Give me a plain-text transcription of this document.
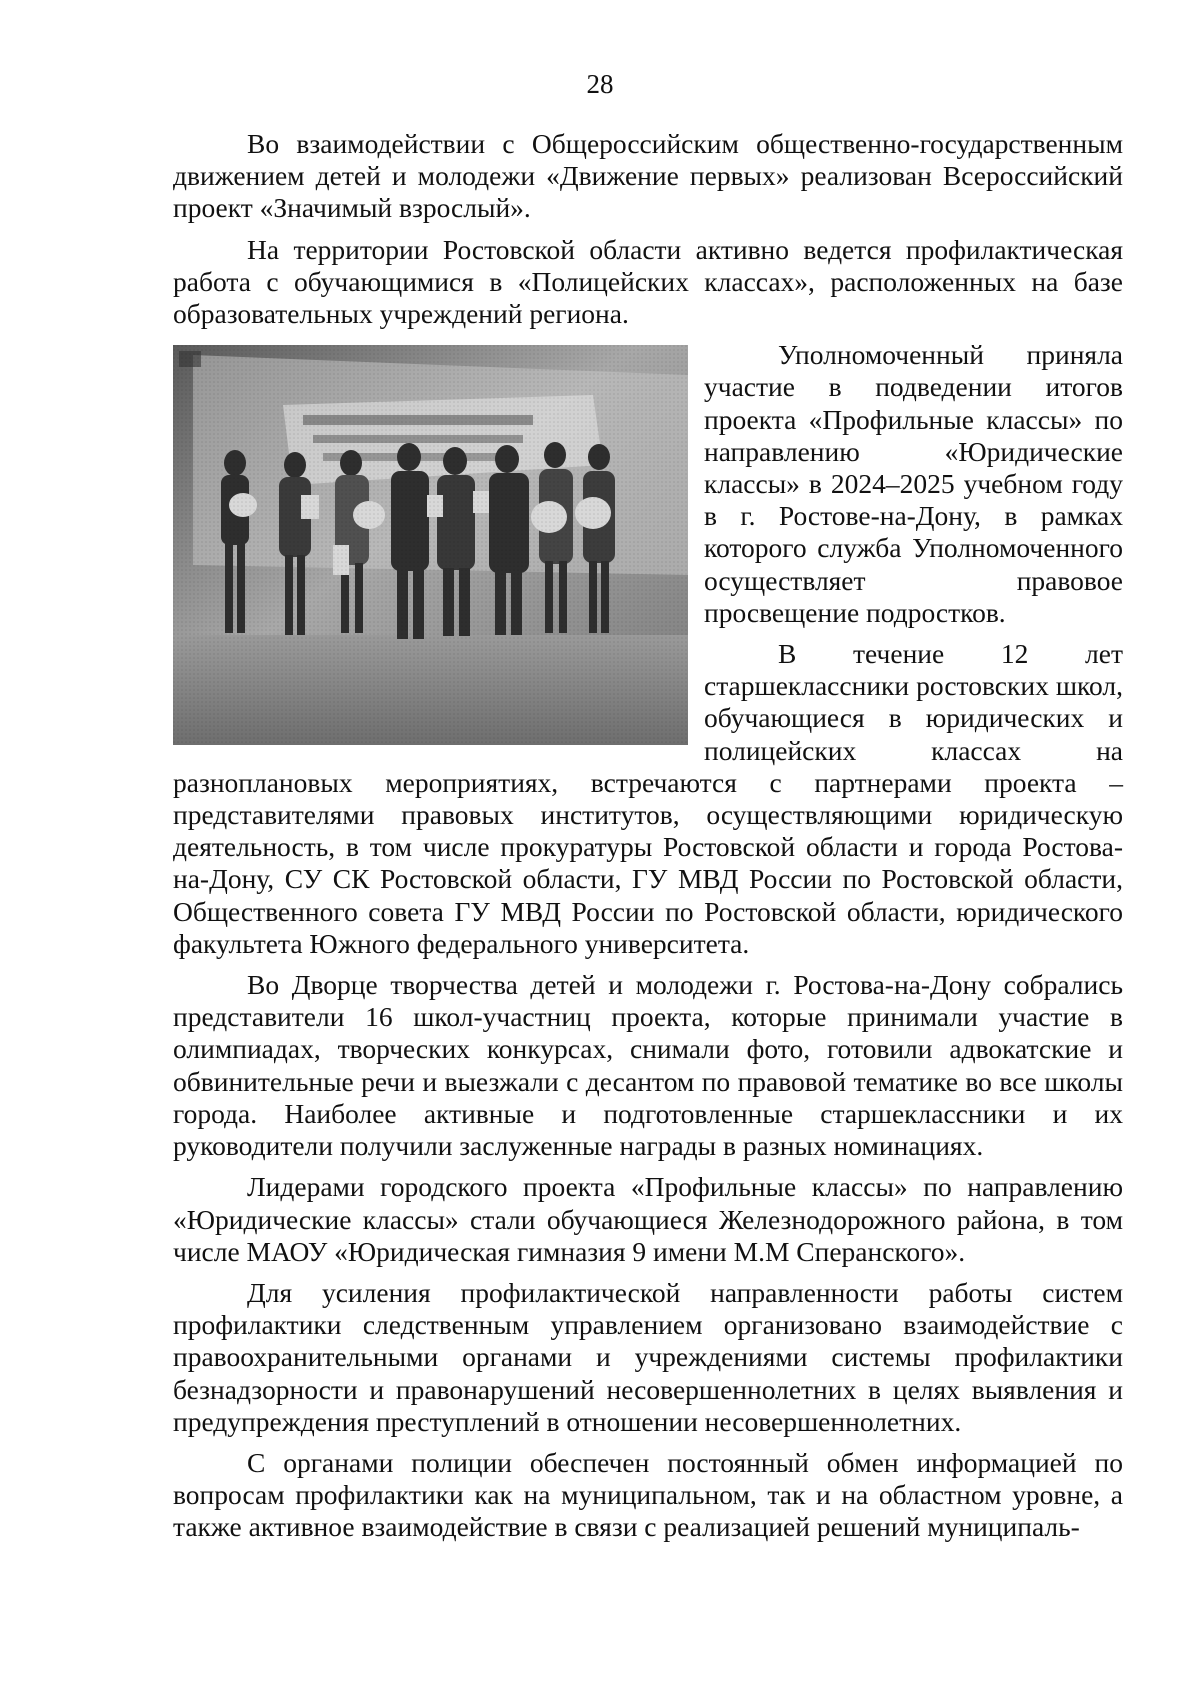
28

Во взаимодействии с Общероссийским общественно-государственным движением детей и молодежи «Движение первых» реализован Всероссийский проект «Значимый взрослый».

На территории Ростовской области активно ведется профилактическая работа с обучающимися в «Полицейских классах», расположенных на базе образовательных учреждений региона.

Уполномоченный приняла участие в подведении итогов проекта «Профильные классы» по направлению «Юридические классы» в 2024–2025 учебном году в г. Ростове-на-Дону, в рамках которого служба Уполномоченного осуществляет правовое просвещение подростков.

В течение 12 лет старшеклассники ростовских школ, обучающиеся в юридических и полицейских классах на разноплановых мероприятиях, встречаются с партнерами проекта – представителями правовых институтов, осуществляющими юридическую деятельность, в том числе прокуратуры Ростовской области и города Ростова-на-Дону, СУ СК Ростовской области, ГУ МВД России по Ростовской области, Общественного совета ГУ МВД России по Ростовской области, юридического факультета Южного федерального университета.

Во Дворце творчества детей и молодежи г. Ростова-на-Дону собрались представители 16 школ-участниц проекта, которые принимали участие в олимпиадах, творческих конкурсах, снимали фото, готовили адвокатские и обвинительные речи и выезжали с десантом по правовой тематике во все школы города. Наиболее активные и подготовленные старшеклассники и их руководители получили заслуженные награды в разных номинациях.

Лидерами городского проекта «Профильные классы» по направлению «Юридические классы» стали обучающиеся Железнодорожного района, в том числе МАОУ «Юридическая гимназия 9 имени М.М Сперанского».

Для усиления профилактической направленности работы систем профилактики следственным управлением организовано взаимодействие с правоохранительными органами и учреждениями системы профилактики безнадзорности и правонарушений несовершеннолетних в целях выявления и предупреждения преступлений в отношении несовершеннолетних.

С органами полиции обеспечен постоянный обмен информацией по вопросам профилактики как на муниципальном, так и на областном уровне, а также активное взаимодействие в связи с реализацией решений муниципаль-
